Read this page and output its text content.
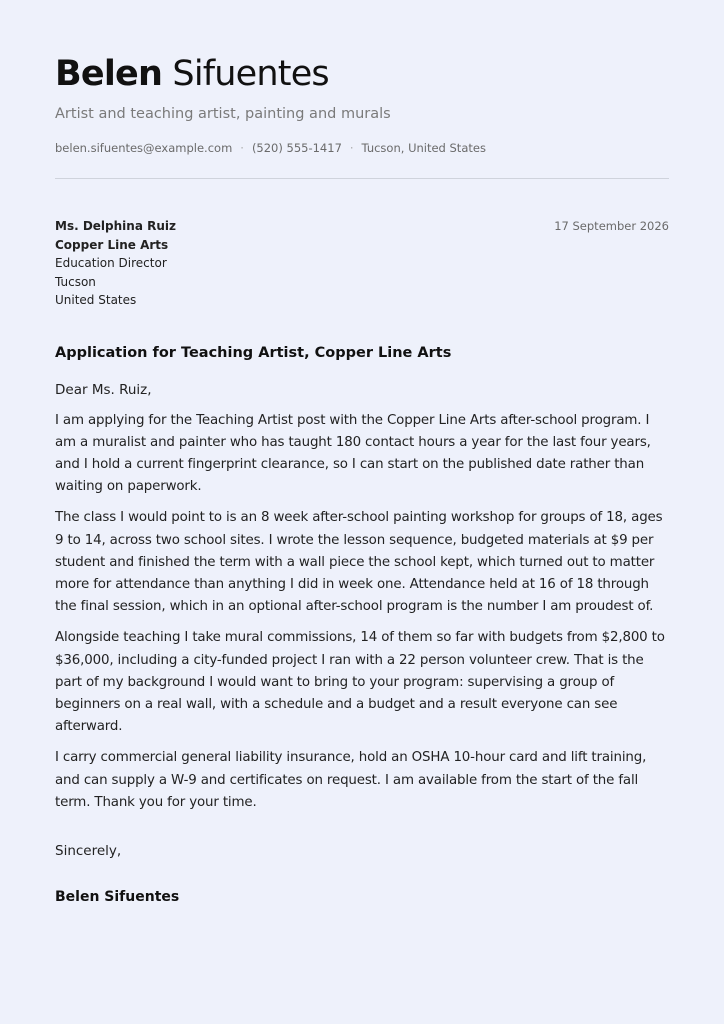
Belen Sifuentes
Artist and teaching artist, painting and murals
belen.sifuentes@example.com · (520) 555-1417 · Tucson, United States
Ms. Delphina Ruiz
Copper Line Arts
Education Director
Tucson
United States
17 September 2026
Application for Teaching Artist, Copper Line Arts
Dear Ms. Ruiz,
I am applying for the Teaching Artist post with the Copper Line Arts after-school program. I am a muralist and painter who has taught 180 contact hours a year for the last four years, and I hold a current fingerprint clearance, so I can start on the published date rather than waiting on paperwork.
The class I would point to is an 8 week after-school painting workshop for groups of 18, ages 9 to 14, across two school sites. I wrote the lesson sequence, budgeted materials at $9 per student and finished the term with a wall piece the school kept, which turned out to matter more for attendance than anything I did in week one. Attendance held at 16 of 18 through the final session, which in an optional after-school program is the number I am proudest of.
Alongside teaching I take mural commissions, 14 of them so far with budgets from $2,800 to $36,000, including a city-funded project I ran with a 22 person volunteer crew. That is the part of my background I would want to bring to your program: supervising a group of beginners on a real wall, with a schedule and a budget and a result everyone can see afterward.
I carry commercial general liability insurance, hold an OSHA 10-hour card and lift training, and can supply a W-9 and certificates on request. I am available from the start of the fall term. Thank you for your time.
Sincerely,
Belen Sifuentes
